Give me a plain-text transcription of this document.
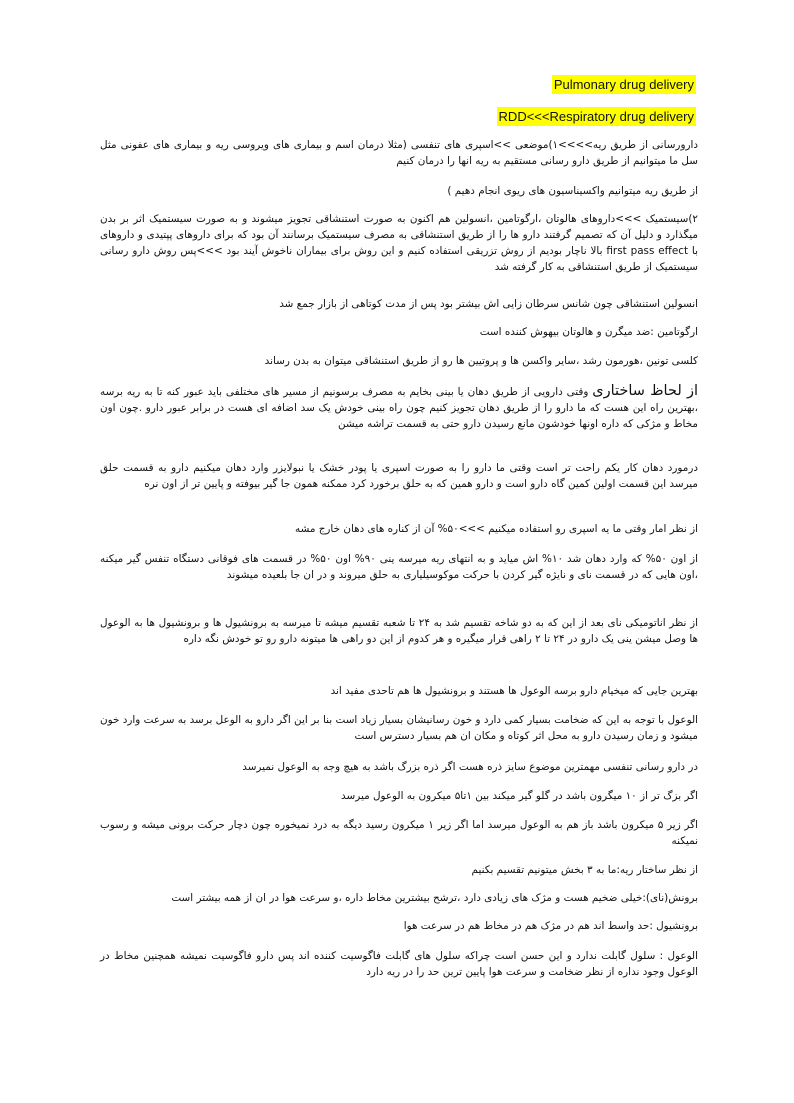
Pulmonary drug delivery
RDD<<<Respiratory drug delivery

دارورسانی از طریق ریه>>>>۱)موضعی >>اسپری های تنفسی (مثلا درمان اسم و بیماری های ویروسی ریه و بیماری های عفونی مثل سل ما میتوانیم از طریق دارو رسانی مستقیم به ریه انها را درمان کنیم

از طریق ریه میتوانیم واکسیناسیون های ریوی انجام دهیم )

۲)سیستمیک >>>داروهای هالوتان ،ارگوتامین ،انسولین هم اکنون به صورت استنشاقی تجویز میشوند و به صورت سیستمیک اثر بر بدن میگذارد و دلیل آن که تصمیم گرفتند دارو ها را از طریق استنشاقی به مصرف سیستمیک برسانند آن بود که برای داروهای پپتیدی و داروهای با first pass effect بالا ناچار بودیم از روش تزریقی استفاده کنیم و این روش برای بیماران ناخوش آیند بود >>>پس روش دارو رسانی سیستمیک از طریق استنشاقی به کار گرفته شد

انسولین استنشاقی چون شانس سرطان زایی اش بیشتر بود پس از مدت کوتاهی از بازار جمع شد

ارگوتامین :ضد میگرن و هالوتان بیهوش کننده است

کلسی تونین ،هورمون رشد ،سایر واکسن ها و پروتیین ها رو از طریق استنشاقی میتوان به بدن رساند

از لحاظ ساختاری وقتی دارویی از طریق دهان یا بینی بخایم به مصرف برسونیم از مسیر های مختلفی باید عبور کنه تا به ریه برسه ،بهترین راه این هست که ما دارو را از طریق دهان تجویز کنیم چون راه بینی خودش یک سد اضافه ای هست در برابر عبور دارو .چون اون مخاط و مژکی که داره اونها خودشون مانع رسیدن دارو حتی به قسمت تراشه میشن

درمورد دهان کار یکم راحت تر است وقتی ما دارو را به صورت اسپری یا پودر خشک یا نبولایزر وارد دهان میکنیم دارو به قسمت حلق میرسد این قسمت اولین کمین گاه دارو است و دارو همین که به حلق برخورد کرد ممکنه همون جا گیر بیوفته و پایین تر از اون نره

از نظر امار وقتی ما یه اسپری رو استفاده میکنیم >>>۵۰% آن از کناره های دهان خارج مشه

از اون ۵۰% که وارد دهان شد ۱۰% اش میاید و به انتهای ریه میرسه ینی ۹۰% اون ۵۰% در قسمت های فوقانی دستگاه تنفس گیر میکنه ،اون هایی که در قسمت نای و نایژه گیر کردن با حرکت موکوسیلیاری به حلق میروند و در ان جا بلعیده میشوند

از نظر اناتومیکی نای بعد از این که به دو شاخه تقسیم شد به ۲۴ تا شعبه تقسیم میشه تا میرسه به برونشیول ها و برونشیول ها به الوعول ها وصل میشن ینی یک دارو در ۲۴ تا ۲ راهی قرار میگیره و هر کدوم از این دو راهی ها میتونه دارو رو تو خودش نگه داره

بهترین جایی که میخیام دارو برسه الوعول ها هستند و برونشیول ها هم تاحدی مفید اند

الوعول با توجه به این که ضخامت بسیار کمی دارد و خون رسانیشان بسیار زیاد است بنا بر این اگر دارو به الوعل برسد به سرعت وارد خون میشود و زمان رسیدن دارو به محل اثر کوتاه و مکان ان هم بسیار دسترس است

در دارو رسانی تنفسی مهمترین موضوع سایز ذره هست اگر ذره بزرگ باشد به هیچ وجه به الوعول نمیرسد

اگر بزگ تر از ۱۰ میگرون باشد در گلو گیر میکند بین ۱تا۵ میکرون به الوعول میرسد

اگر زیر ۵ میکرون باشد باز هم به الوعول میرسد اما اگر زیر ۱ میکرون رسید دیگه به درد نمیخوره چون دچار حرکت برونی میشه و رسوب نمیکنه

از نظر ساختار ریه:ما به ۳ بخش میتونیم تقسیم بکنیم

برونش(نای):خیلی ضخیم هست و مژک های زیادی دارد ،ترشح بیشترین مخاط داره ،و سرعت هوا در ان از همه بیشتر است

برونشیول :حد واسط اند هم در مژک هم در مخاط هم در سرعت هوا

الوعول : سلول گابلت ندارد و این حسن است چراکه سلول های گابلت فاگوسیت کننده اند پس دارو فاگوسیت نمیشه همچنین مخاط در الوعول وجود نداره از نظر ضخامت و سرعت هوا پایین ترین حد را در ریه دارد
